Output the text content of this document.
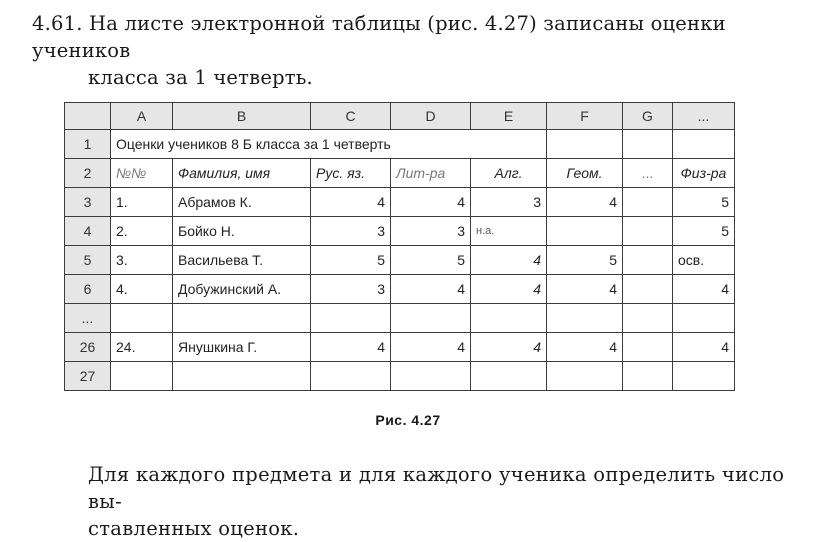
4.61. На листе электронной таблицы (рис. 4.27) записаны оценки учеников
класса за 1 четверть.
	A	B	C	D	E	F	G	...
1	Оценки учеников 8 Б класса за 1 четверть							
2	№№	Фамилия, имя	Рус. яз.	Лит-ра	Алг.	Геом.	...	Физ-ра
3	1.	Абрамов К.	4	4	3	4		5
4	2.	Бойко Н.	3	3	н.а.			5
5	3.	Васильева Т.	5	5	4	5		осв.
6	4.	Добужинский А.	3	4	4	4		4
...								
26	24.	Янушкина Г.	4	4	4	4		4
27								
Рис. 4.27
Для каждого предмета и для каждого ученика определить число вы-
ставленных оценок.
